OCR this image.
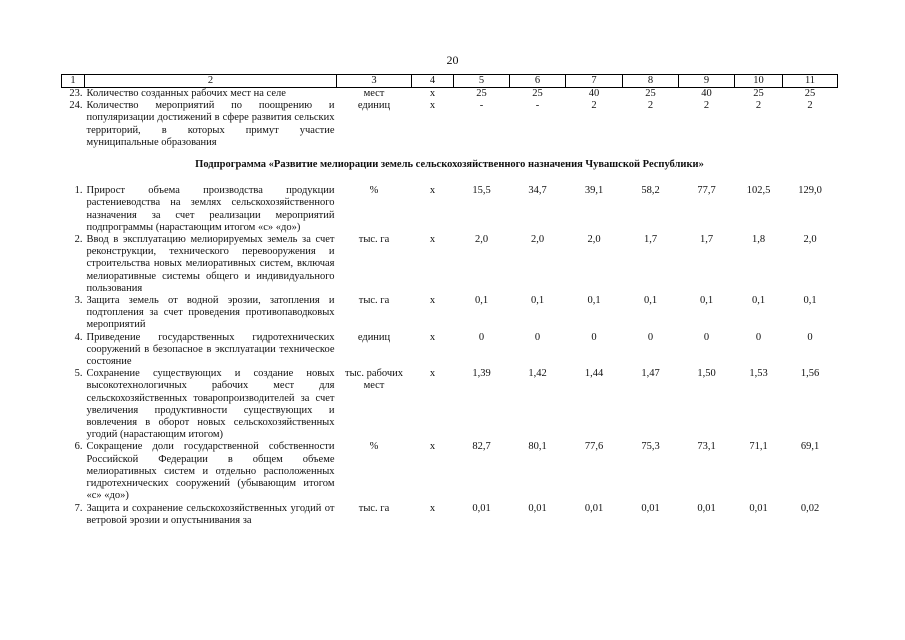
20
1	2	3	4	5	6	7	8	9	10	11
23.	Количество созданных рабочих мест на селе	мест	х	25	25	40	25	40	25	25
24.	Количество мероприятий по поощрению и популяризации достижений в сфере развития сельских территорий, в которых примут участие муниципальные образования	единиц	х	-	-	2	2	2	2	2
Подпрограмма «Развитие мелиорации земель сельскохозяйственного назначения Чувашской Республики»										
1.	Прирост объема производства продукции растениеводства на землях сельскохозяйственного назначения за счет реализации мероприятий подпрограммы (нарастающим итогом «с» «до»)	%	х	15,5	34,7	39,1	58,2	77,7	102,5	129,0
2.	Ввод в эксплуатацию мелиорируемых земель за счет реконструкции, технического перевооружения и строительства новых мелиоративных систем, включая мелиоративные системы общего и индивидуального пользования	тыс. га	х	2,0	2,0	2,0	1,7	1,7	1,8	2,0
3.	Защита земель от водной эрозии, затопления и подтопления за счет проведения противопаводковых мероприятий	тыс. га	х	0,1	0,1	0,1	0,1	0,1	0,1	0,1
4.	Приведение государственных гидротехнических сооружений в безопасное в эксплуатации техническое состояние	единиц	х	0	0	0	0	0	0	0
5.	Сохранение существующих и создание новых высокотехнологичных рабочих мест для сельскохозяйственных товаропроизводителей за счет увеличения продуктивности существующих и вовлечения в оборот новых сельскохозяйственных угодий (нарастающим итогом)	тыс. рабочих мест	х	1,39	1,42	1,44	1,47	1,50	1,53	1,56
6.	Сокращение доли государственной собственности Российской Федерации в общем объеме мелиоративных систем и отдельно расположенных гидротехнических сооружений (убывающим итогом «с» «до»)	%	х	82,7	80,1	77,6	75,3	73,1	71,1	69,1
7.	Защита и сохранение сельскохозяйственных угодий от ветровой эрозии и опустынивания за	тыс. га	х	0,01	0,01	0,01	0,01	0,01	0,01	0,02
